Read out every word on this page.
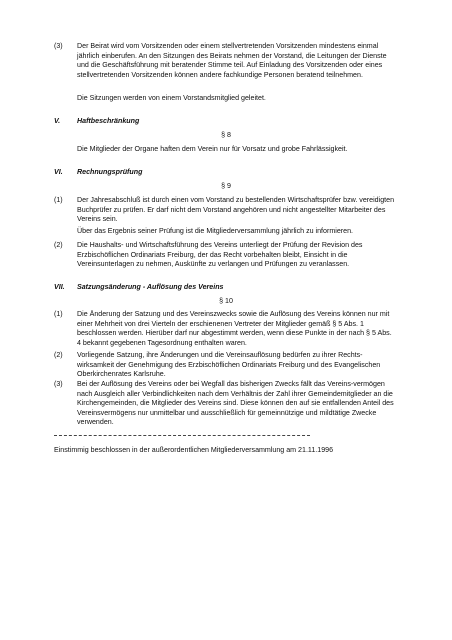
(3) Der Beirat wird vom Vorsitzenden oder einem stellvertretenden Vorsitzenden mindestens einmal jährlich einberufen. An den Sitzungen des Beirats nehmen der Vorstand, die Leitungen der Dienste und die Geschäftsführung mit beratender Stimme teil. Auf Einladung des Vorsitzenden oder eines stellvertretenden Vorsitzenden können andere fachkundige Personen beratend teilnehmen.
Die Sitzungen werden von einem Vorstandsmitglied geleitet.
V. Haftbeschränkung
§ 8
Die Mitglieder der Organe haften dem Verein nur für Vorsatz und grobe Fahrlässigkeit.
VI. Rechnungsprüfung
§ 9
(1) Der Jahresabschluß ist durch einen vom Vorstand zu bestellenden Wirtschaftsprüfer bzw. vereidigten Buchprüfer zu prüfen. Er darf nicht dem Vorstand angehören und nicht angestellter Mitarbeiter des Vereins sein.
Über das Ergebnis seiner Prüfung ist die Mitgliederversammlung jährlich zu informieren.
(2) Die Haushalts- und Wirtschaftsführung des Vereins unterliegt der Prüfung der Revision des Erzbischöflichen Ordinariats Freiburg, der das Recht vorbehalten bleibt, Einsicht in die Vereinsunterlagen zu nehmen, Auskünfte zu verlangen und Prüfungen zu veranlassen.
VII. Satzungsänderung - Auflösung des Vereins
§ 10
(1) Die Änderung der Satzung und des Vereinszwecks sowie die Auflösung des Vereins können nur mit einer Mehrheit von drei Vierteln der erschienenen Vertreter der Mitglieder gemäß § 5 Abs. 1 beschlossen werden. Hierüber darf nur abgestimmt werden, wenn diese Punkte in der nach § 5 Abs. 4 bekannt gegebenen Tagesordnung enthalten waren.
(2) Vorliegende Satzung, ihre Änderungen und die Vereinsauflösung bedürfen zu ihrer Rechts-wirksamkeit der Genehmigung des Erzbischöflichen Ordinariats Freiburg und des Evangelischen Oberkirchenrates Karlsruhe.
(3) Bei der Auflösung des Vereins oder bei Wegfall das bisherigen Zwecks fällt das Vereins-vermögen nach Ausgleich aller Verbindlichkeiten nach dem Verhältnis der Zahl ihrer Gemeindemitglieder an die Kirchengemeinden, die Mitglieder des Vereins sind. Diese können den auf sie entfallenden Anteil des Vereinsvermögens nur unmittelbar und ausschließlich für gemeinnützige und mildtätige Zwecke verwenden.
Einstimmig beschlossen in der außerordentlichen Mitgliederversammlung am 21.11.1996
